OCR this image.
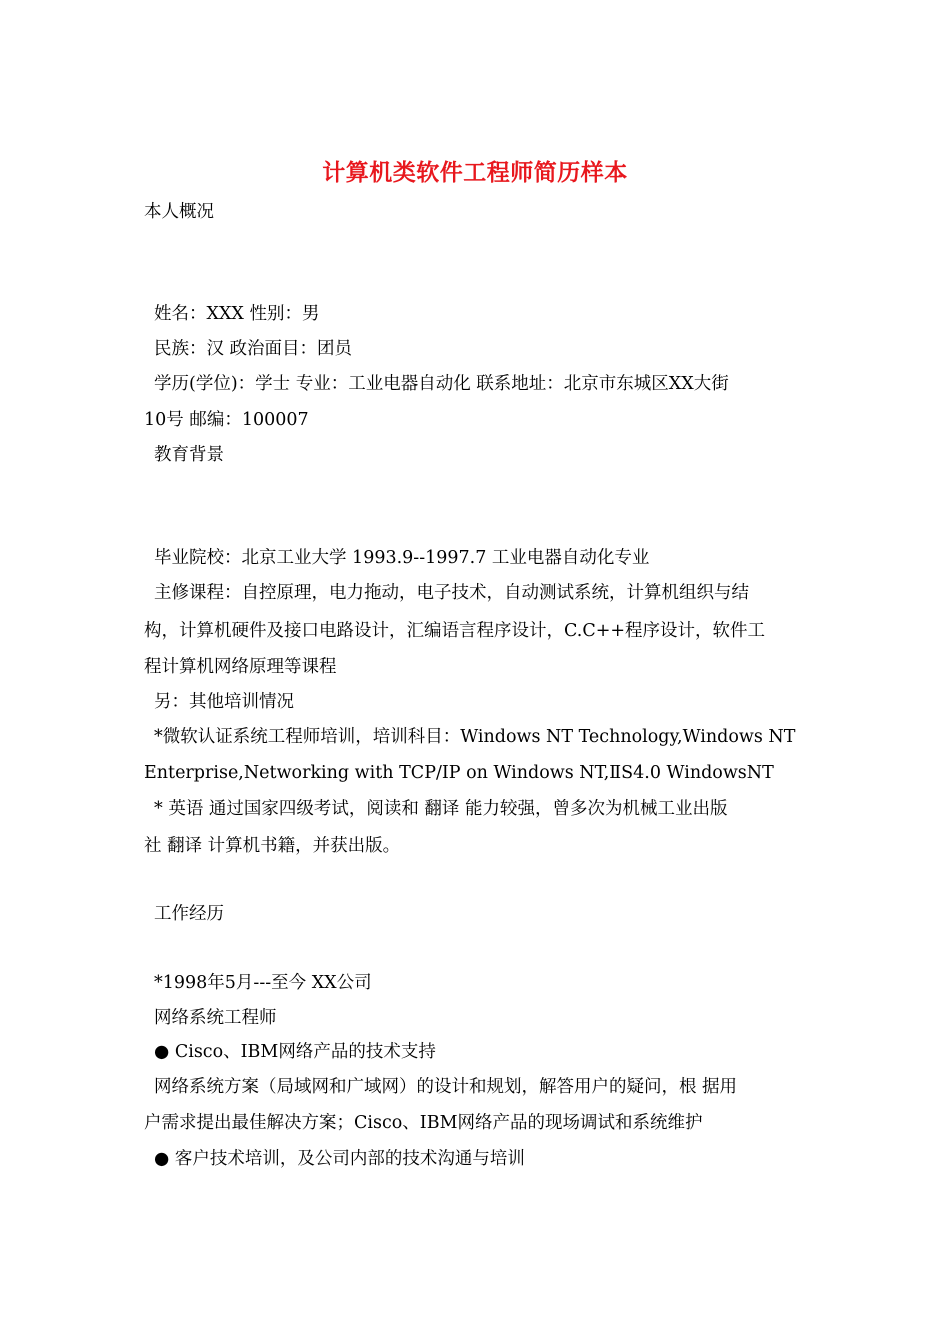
计算机类软件工程师简历样本
本人概况
姓名：XXX 性别：男
民族：汉 政治面目：团员
学历(学位)：学士 专业：工业电器自动化 联系地址：北京市东城区XX大街
10号 邮编：100007
教育背景
毕业院校：北京工业大学 1993.9--1997.7 工业电器自动化专业
主修课程：自控原理，电力拖动，电子技术，自动测试系统，计算机组织与结
构，计算机硬件及接口电路设计，汇编语言程序设计，C.C++程序设计，软件工
程计算机网络原理等课程
另：其他培训情况
*微软认证系统工程师培训，培训科目：Windows NT Technology,Windows NT
Enterprise,Networking with TCP/IP on Windows NT,ⅡS4.0 WindowsNT
* 英语 通过国家四级考试，阅读和 翻译 能力较强，曾多次为机械工业出版
社 翻译 计算机书籍，并获出版。
工作经历
*1998年5月---至今 XX公司
网络系统工程师
● Cisco、IBM网络产品的技术支持
网络系统方案（局域网和广域网）的设计和规划，解答用户的疑问，根 据用
户需求提出最佳解决方案；Cisco、IBM网络产品的现场调试和系统维护
● 客户技术培训，及公司内部的技术沟通与培训
